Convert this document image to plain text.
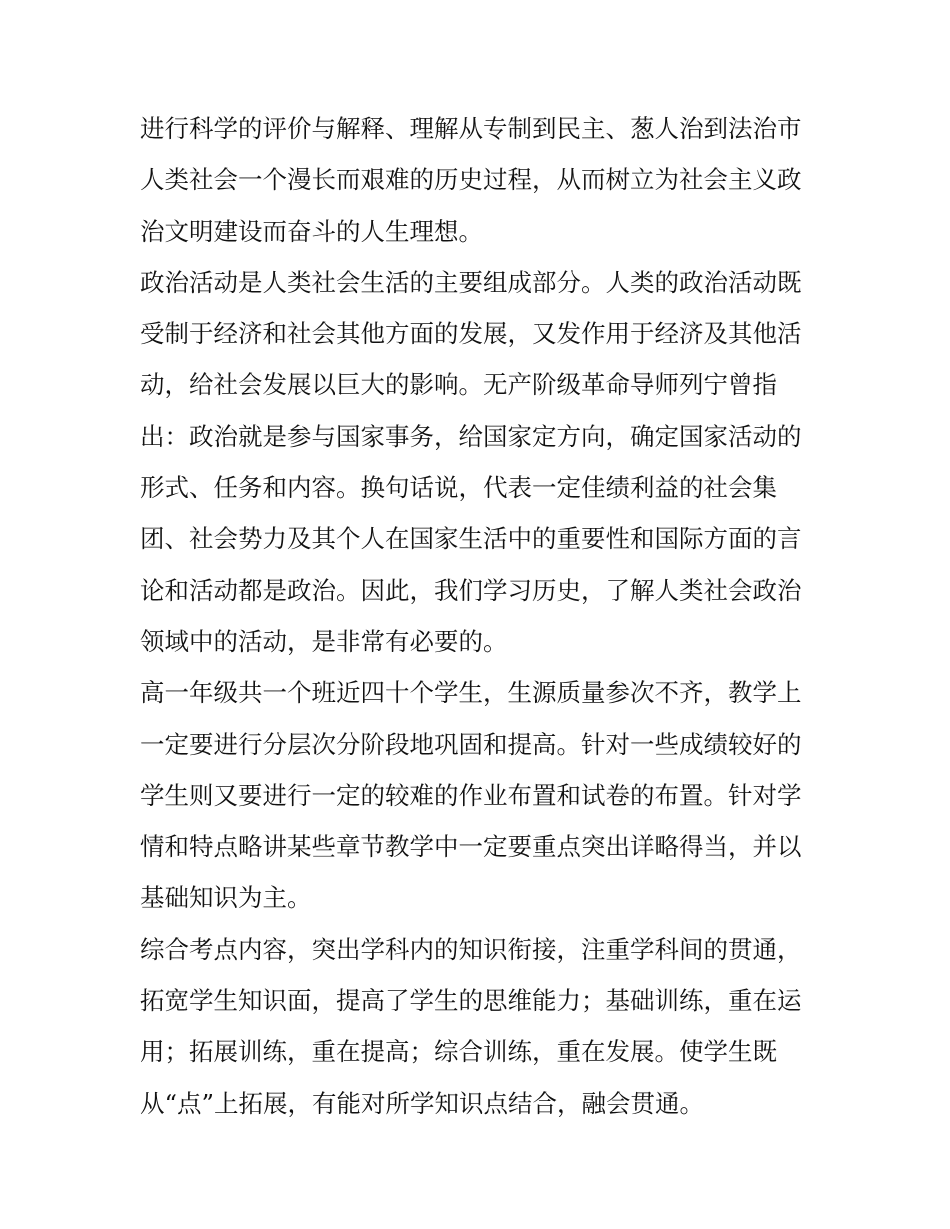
进行科学的评价与解释、理解从专制到民主、葱人治到法治市
人类社会一个漫长而艰难的历史过程，从而树立为社会主义政
治文明建设而奋斗的人生理想。
政治活动是人类社会生活的主要组成部分。人类的政治活动既
受制于经济和社会其他方面的发展，又发作用于经济及其他活
动，给社会发展以巨大的影响。无产阶级革命导师列宁曾指
出：政治就是参与国家事务，给国家定方向，确定国家活动的
形式、任务和内容。换句话说，代表一定佳绩利益的社会集
团、社会势力及其个人在国家生活中的重要性和国际方面的言
论和活动都是政治。因此，我们学习历史，了解人类社会政治
领域中的活动，是非常有必要的。
高一年级共一个班近四十个学生，生源质量参次不齐，教学上
一定要进行分层次分阶段地巩固和提高。针对一些成绩较好的
学生则又要进行一定的较难的作业布置和试卷的布置。针对学
情和特点略讲某些章节教学中一定要重点突出详略得当，并以
基础知识为主。
综合考点内容，突出学科内的知识衔接，注重学科间的贯通，
拓宽学生知识面，提高了学生的思维能力；基础训练，重在运
用；拓展训练，重在提高；综合训练，重在发展。使学生既
从“点”上拓展，有能对所学知识点结合，融会贯通。
